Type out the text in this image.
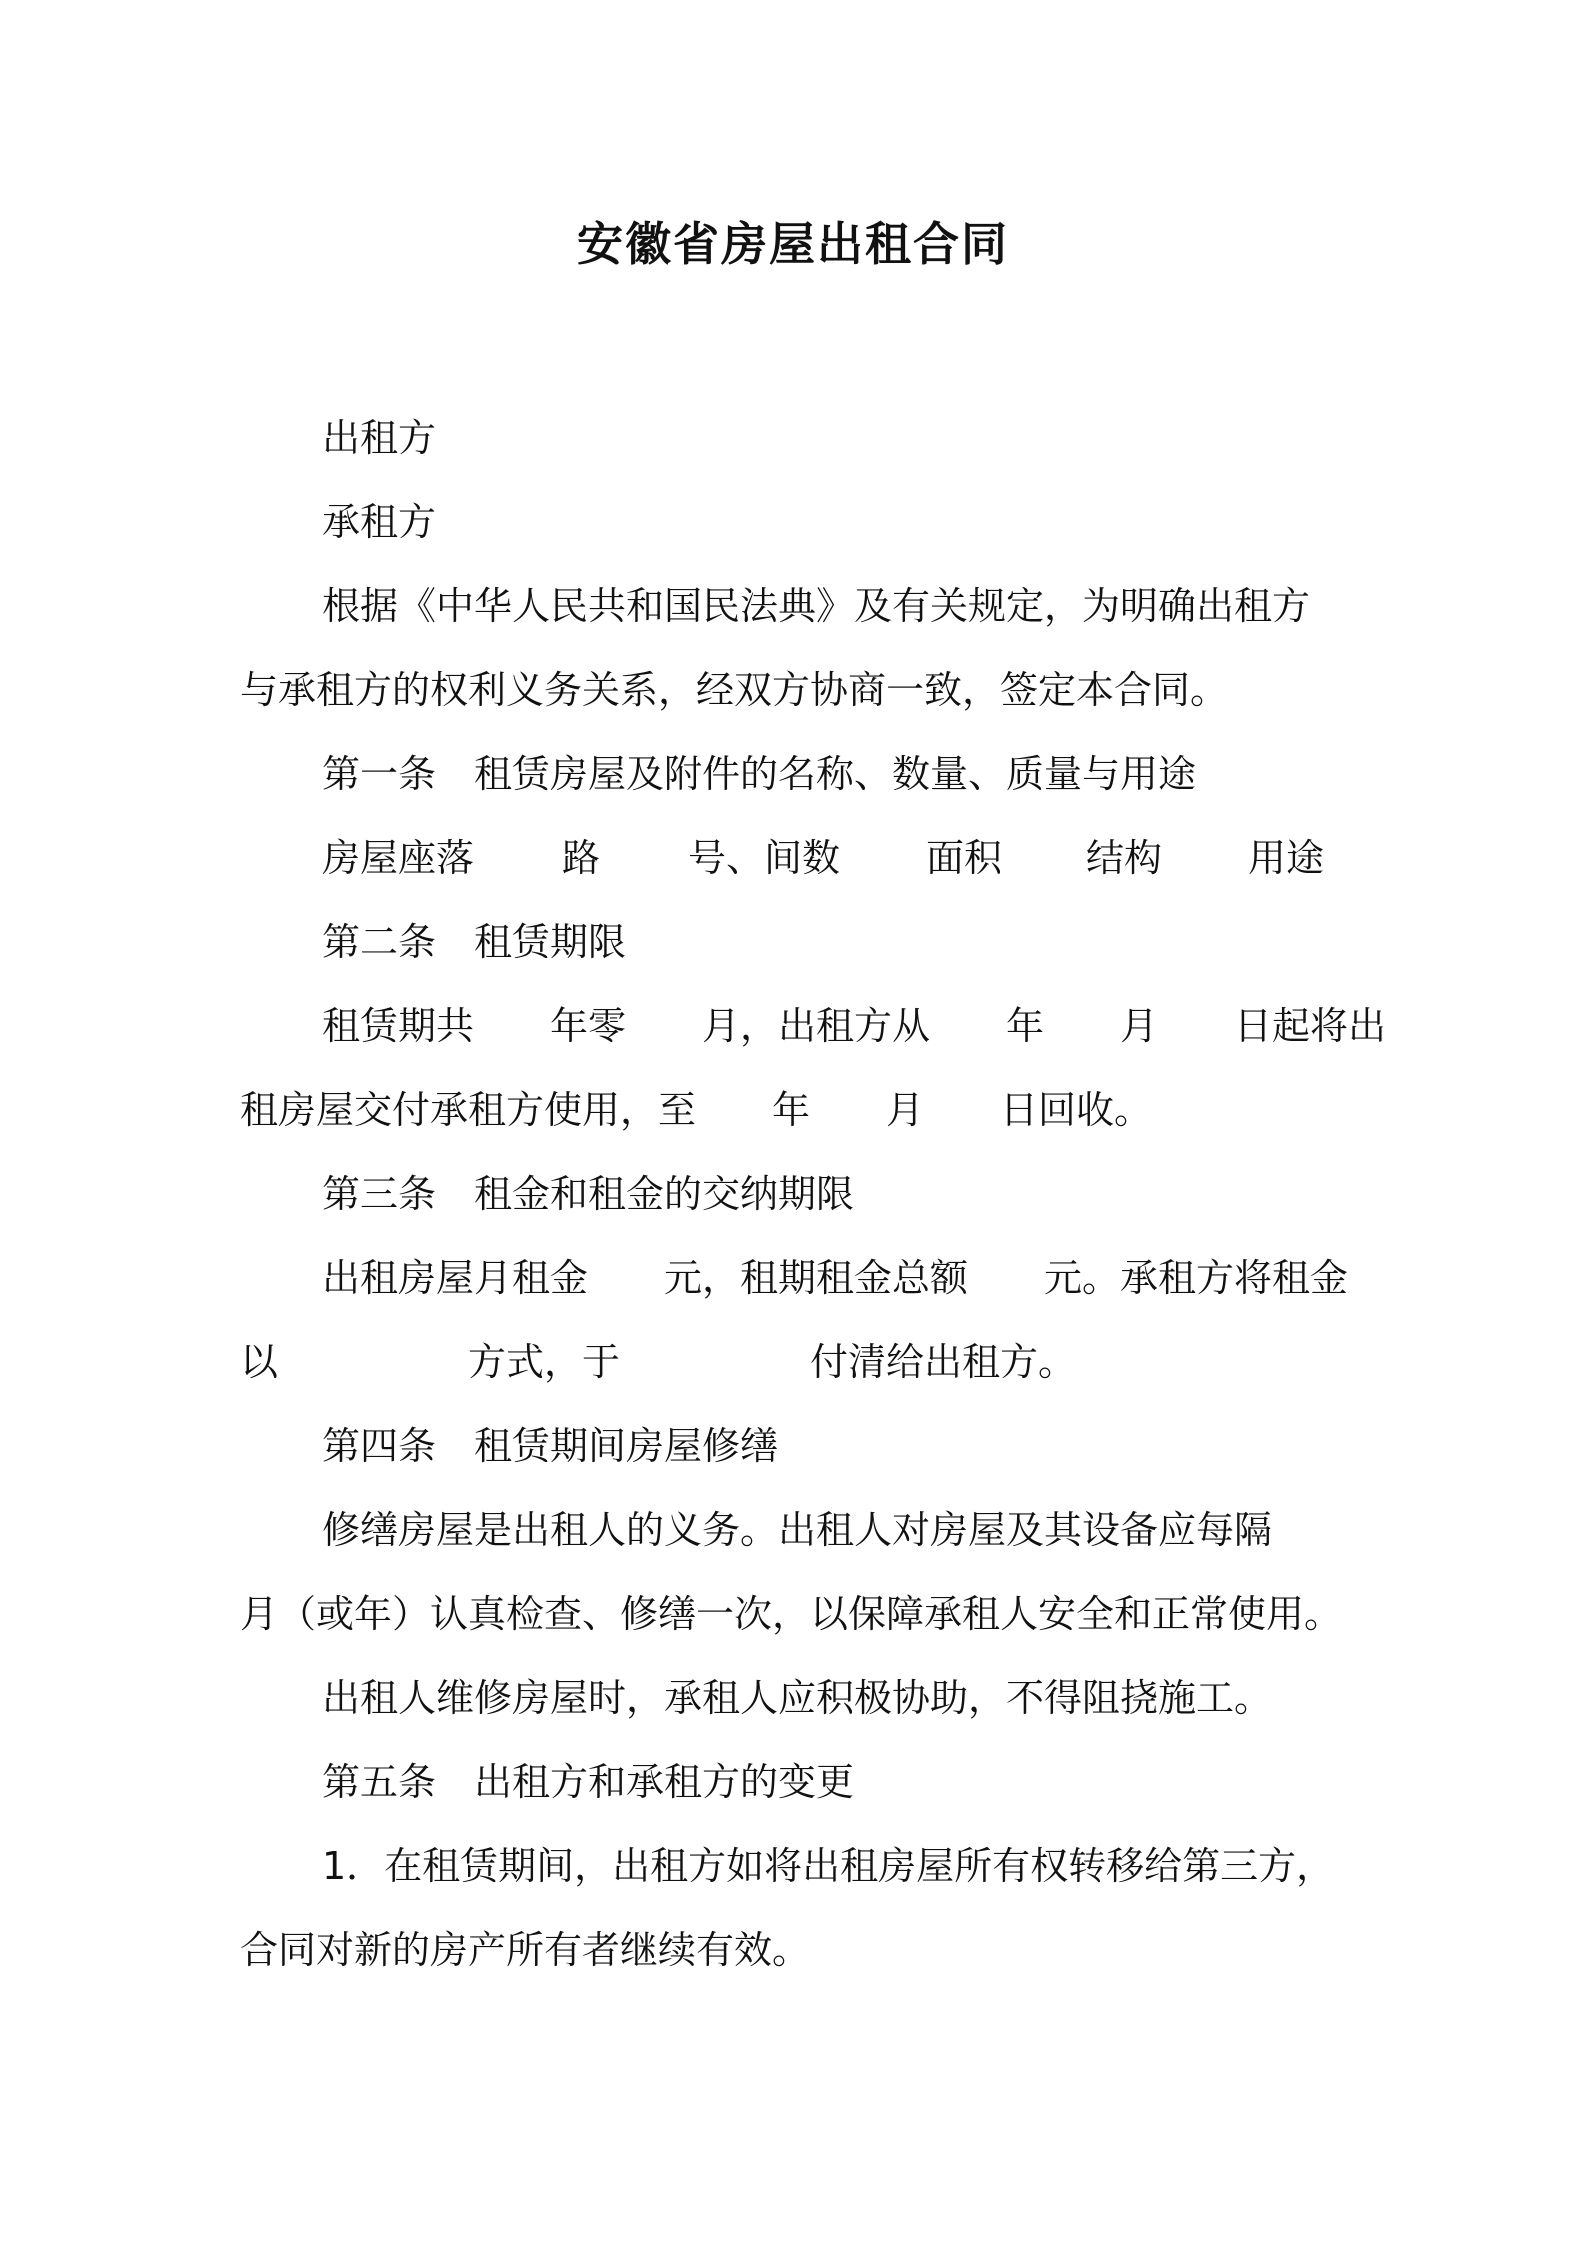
安徽省房屋出租合同
出租方
承租方
根据《中华人民共和国民法典》及有关规定，为明确出租方
与承租方的权利义务关系，经双方协商一致，签定本合同。
第一条　租赁房屋及附件的名称、数量、质量与用途
房屋座落 路 号、间数 面积 结构 用途
第二条　租赁期限
租赁期共　　年零　　月，出租方从　　年　　月　　日起将出
租房屋交付承租方使用，至　　年　　月　　日回收。
第三条　租金和租金的交纳期限
出租房屋月租金　　元，租期租金总额　　元。承租方将租金
以　　　　　方式，于　　　　　付清给出租方。
第四条　租赁期间房屋修缮
修缮房屋是出租人的义务。出租人对房屋及其设备应每隔
月（或年）认真检查、修缮一次，以保障承租人安全和正常使用。
出租人维修房屋时，承租人应积极协助，不得阻挠施工。
第五条　出租方和承租方的变更
1．在租赁期间，出租方如将出租房屋所有权转移给第三方，
合同对新的房产所有者继续有效。
